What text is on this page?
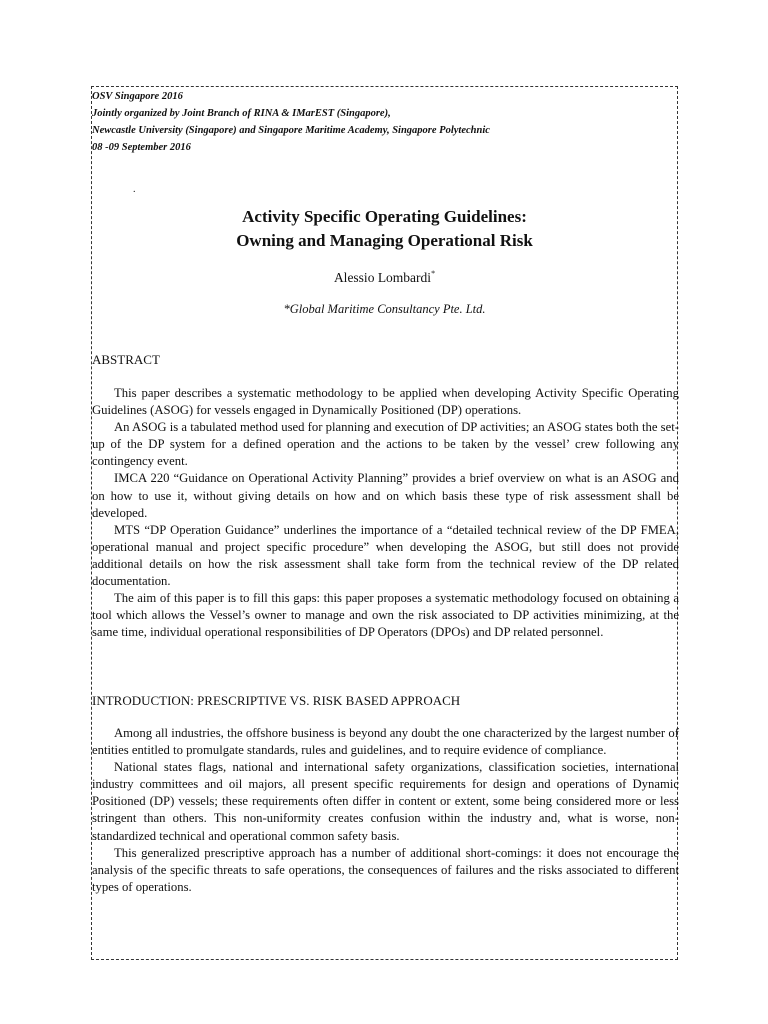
OSV Singapore 2016
Jointly organized by Joint Branch of RINA & IMarEST (Singapore),
Newcastle University (Singapore) and Singapore Maritime Academy, Singapore Polytechnic
08 -09 September 2016
.
Activity Specific Operating Guidelines:
Owning and Managing Operational Risk
Alessio Lombardi*
*Global Maritime Consultancy Pte. Ltd.
ABSTRACT

This paper describes a systematic methodology to be applied when developing Activity Specific Operating Guidelines (ASOG) for vessels engaged in Dynamically Positioned (DP) operations.

An ASOG is a tabulated method used for planning and execution of DP activities; an ASOG states both the set-up of the DP system for a defined operation and the actions to be taken by the vessel’ crew following any contingency event.

IMCA 220 “Guidance on Operational Activity Planning” provides a brief overview on what is an ASOG and on how to use it, without giving details on how and on which basis these type of risk assessment shall be developed.

MTS “DP Operation Guidance” underlines the importance of a “detailed technical review of the DP FMEA, operational manual and project specific procedure” when developing the ASOG, but still does not provide additional details on how the risk assessment shall take form from the technical review of the DP related documentation.

The aim of this paper is to fill this gaps: this paper proposes a systematic methodology focused on obtaining a tool which allows the Vessel’s owner to manage and own the risk associated to DP activities minimizing, at the same time, individual operational responsibilities of DP Operators (DPOs) and DP related personnel.

INTRODUCTION: PRESCRIPTIVE VS. RISK BASED APPROACH

Among all industries, the offshore business is beyond any doubt the one characterized by the largest number of entities entitled to promulgate standards, rules and guidelines, and to require evidence of compliance.

National states flags, national and international safety organizations, classification societies, international industry committees and oil majors, all present specific requirements for design and operations of Dynamic Positioned (DP) vessels; these requirements often differ in content or extent, some being considered more or less stringent than others. This non-uniformity creates confusion within the industry and, what is worse, non-standardized technical and operational common safety basis.

This generalized prescriptive approach has a number of additional short-comings: it does not encourage the analysis of the specific threats to safe operations, the consequences of failures and the risks associated to different types of operations.
